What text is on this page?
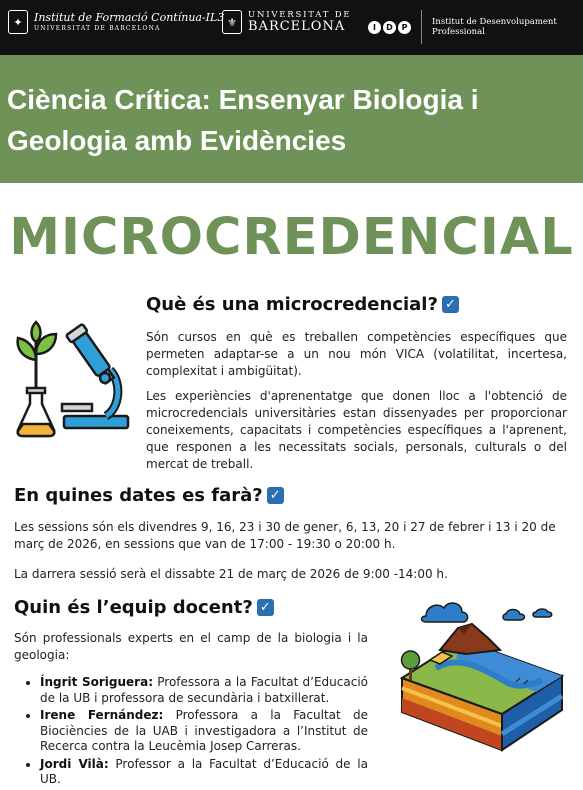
✦	Institut de Formació Contínua-IL3
UNIVERSITAT DE BARCELONA	⚜
UNIVERSITAT DE
BARCELONA	I	D	P	Institut de Desenvolupament
Professional
Ciència Crítica: Ensenyar Biologia i Geologia amb Evidències
MICROCREDENCIAL
Què és una microcredencial? ✓

Són cursos en què es treballen competències específiques que permeten adaptar-se a un nou món VICA (volatilitat, incertesa, complexitat i ambigüitat).

Les experiències d'aprenentatge que donen lloc a l'obtenció de microcredencials universitàries estan dissenyades per proporcionar coneixements, capacitats i competències específiques a l'aprenent, que responen a les necessitats socials, personals, culturals o del mercat de treball.

En quines dates es farà? ✓

Les sessions són els divendres 9, 16, 23 i 30 de gener, 6, 13, 20 i 27 de febrer i 13 i 20 de març de 2026, en sessions que van de 17:00 - 19:30 o 20:00 h.

La darrera sessió serà el dissabte 21 de març de 2026 de 9:00 -14:00 h.

Quin és l’equip docent? ✓

Són professionals experts en el camp de la biologia i la geologia:

• Íngrit Soriguera: Professora a la Facultat d’Educació de la UB i professora de secundària i batxillerat.
• Irene Fernández: Professora a la Facultat de Biociències de la UAB i investigadora a l’Institut de Recerca contra la Leucèmia Josep Carreras.
• Jordi Vilà: Professor a la Facultat d’Educació de la UB.
